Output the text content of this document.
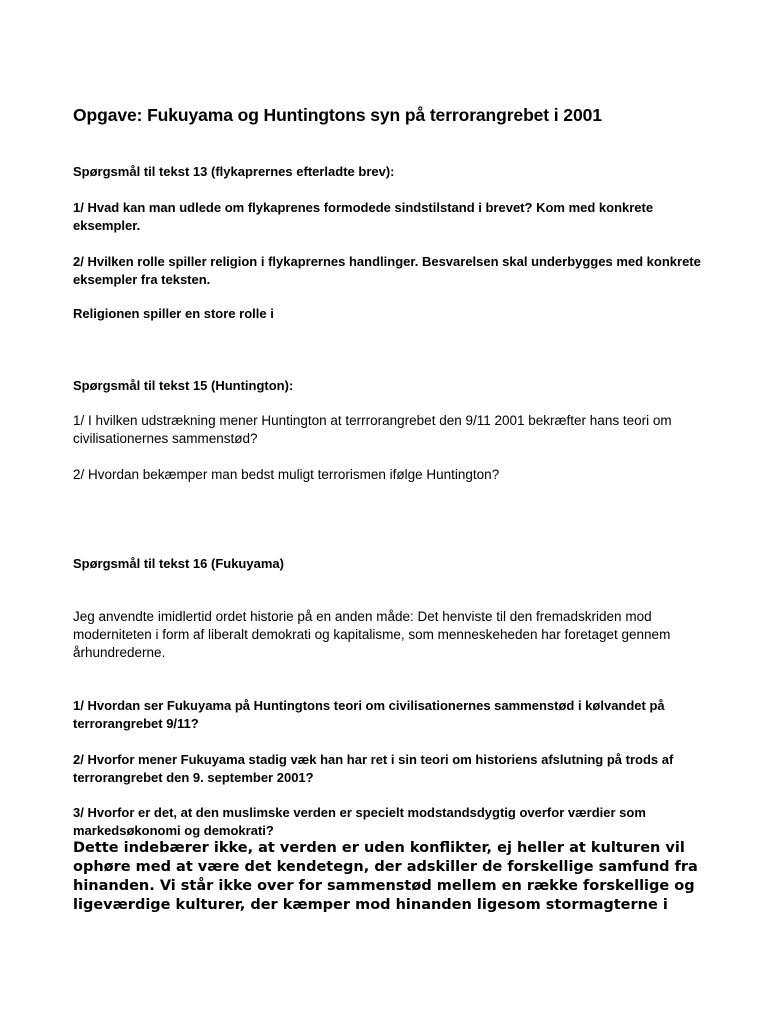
Opgave: Fukuyama og Huntingtons syn på terrorangrebet i 2001

Spørgsmål til tekst 13 (flykaprernes efterladte brev):

1/ Hvad kan man udlede om flykaprenes formodede sindstilstand i brevet? Kom med konkrete eksempler.

2/ Hvilken rolle spiller religion i flykaprernes handlinger. Besvarelsen skal underbygges med konkrete eksempler fra teksten.

Religionen spiller en store rolle i

Spørgsmål til tekst 15 (Huntington):

1/ I hvilken udstrækning mener Huntington at terrrorangrebet den 9/11 2001 bekræfter hans teori om civilisationernes sammenstød?

2/ Hvordan bekæmper man bedst muligt terrorismen ifølge Huntington?

Spørgsmål til tekst 16 (Fukuyama)

Jeg anvendte imidlertid ordet historie på en anden måde: Det henviste til den fremadskriden mod moderniteten i form af liberalt demokrati og kapitalisme, som menneskeheden har foretaget gennem århundrederne.

1/ Hvordan ser Fukuyama på Huntingtons teori om civilisationernes sammenstød i kølvandet på terrorangrebet 9/11?

2/ Hvorfor mener Fukuyama stadig væk han har ret i sin teori om historiens afslutning på trods af terrorangrebet den 9. september 2001?

3/ Hvorfor er det, at den muslimske verden er specielt modstandsdygtig overfor værdier som markedsøkonomi og demokrati?

Dette indebærer ikke, at verden er uden konflikter, ej heller at kulturen vil ophøre med at være det kendetegn, der adskiller de forskellige samfund fra hinanden. Vi står ikke over for sammenstød mellem en række forskellige og ligeværdige kulturer, der kæmper mod hinanden ligesom stormagterne i
